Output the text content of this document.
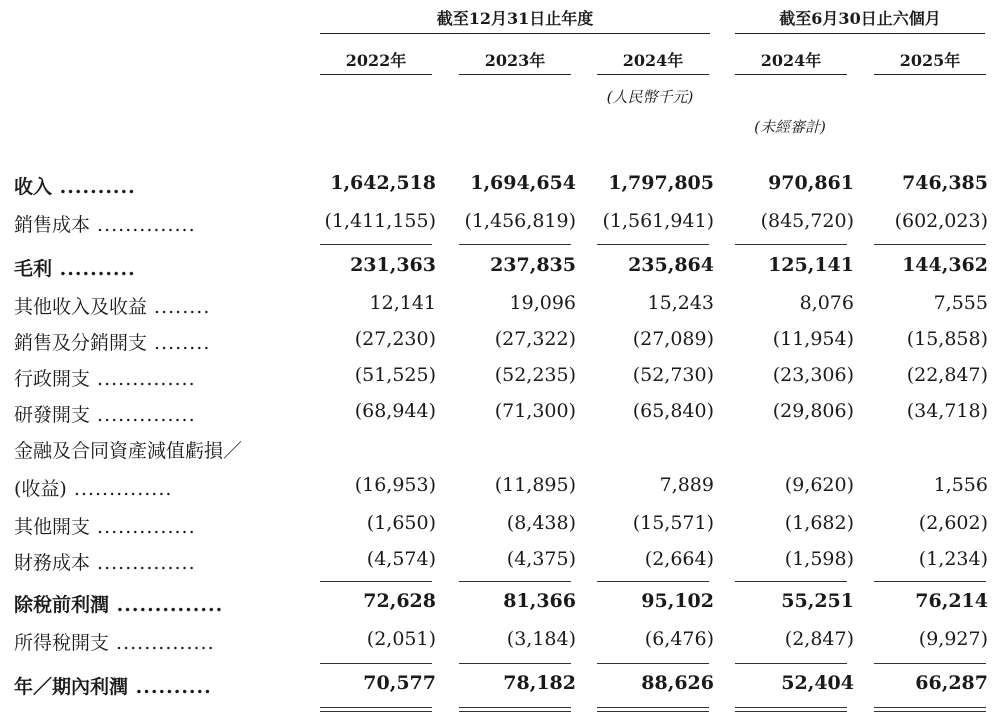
截至12月31日止年度	截至6月30日止六個月
2022年	2023年	2024年	2024年	2025年
(人民幣千元)
(未經審計)
收入 ..........	1,642,518	1,694,654	1,797,805	970,861	746,385
銷售成本 ..............	(1,411,155)	(1,456,819)	(1,561,941)	(845,720)	(602,023)
毛利 ..........	231,363	237,835	235,864	125,141	144,362
其他收入及收益 ........	12,141	19,096	15,243	8,076	7,555
銷售及分銷開支 ........	(27,230)	(27,322)	(27,089)	(11,954)	(15,858)
行政開支 ..............	(51,525)	(52,235)	(52,730)	(23,306)	(22,847)
研發開支 ..............	(68,944)	(71,300)	(65,840)	(29,806)	(34,718)
金融及合同資產減值虧損／
(收益) ..............	(16,953)	(11,895)	7,889	(9,620)	1,556
其他開支 ..............	(1,650)	(8,438)	(15,571)	(1,682)	(2,602)
財務成本 ..............	(4,574)	(4,375)	(2,664)	(1,598)	(1,234)
除稅前利潤 ..............	72,628	81,366	95,102	55,251	76,214
所得稅開支 ..............	(2,051)	(3,184)	(6,476)	(2,847)	(9,927)
年／期內利潤 ..........	70,577	78,182	88,626	52,404	66,287
